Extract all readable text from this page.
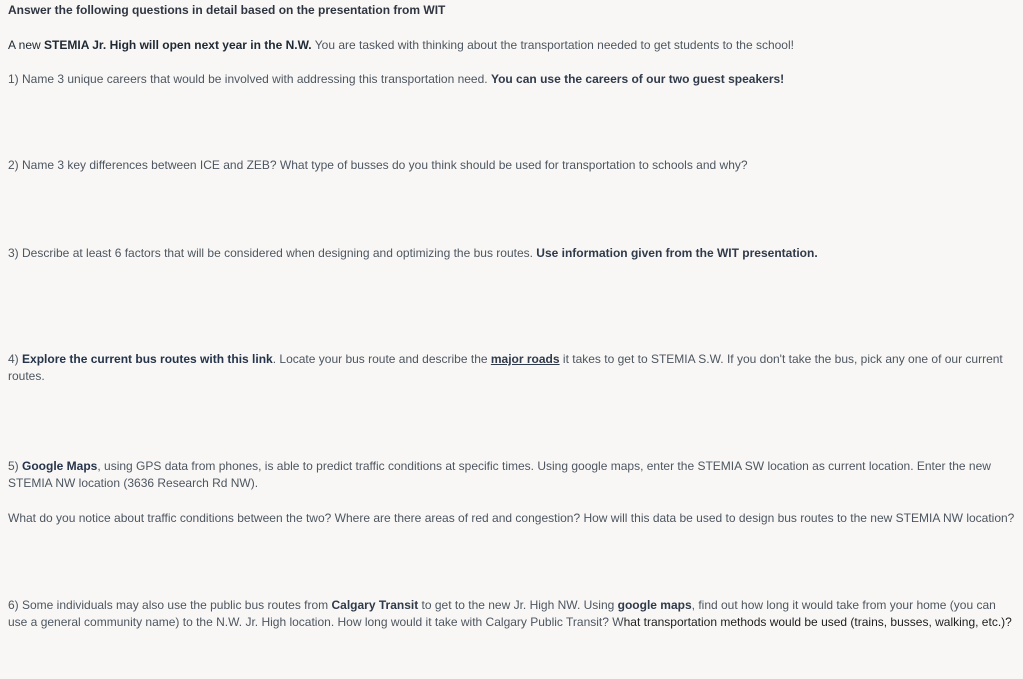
Answer the following questions in detail based on the presentation from WIT

A new STEMIA Jr. High will open next year in the N.W. You are tasked with thinking about the transportation needed to get students to the school!

1) Name 3 unique careers that would be involved with addressing this transportation need. You can use the careers of our two guest speakers!

2) Name 3 key differences between ICE and ZEB? What type of busses do you think should be used for transportation to schools and why?

3) Describe at least 6 factors that will be considered when designing and optimizing the bus routes. Use information given from the WIT presentation.

4) Explore the current bus routes with this link. Locate your bus route and describe the major roads it takes to get to STEMIA S.W. If you don't take the bus, pick any one of our current routes.

5) Google Maps, using GPS data from phones, is able to predict traffic conditions at specific times. Using google maps, enter the STEMIA SW location as current location. Enter the new STEMIA NW location (3636 Research Rd NW).

What do you notice about traffic conditions between the two? Where are there areas of red and congestion? How will this data be used to design bus routes to the new STEMIA NW location?

6) Some individuals may also use the public bus routes from Calgary Transit to get to the new Jr. High NW. Using google maps, find out how long it would take from your home (you can use a general community name) to the N.W. Jr. High location. How long would it take with Calgary Public Transit? What transportation methods would be used (trains, busses, walking, etc.)?
